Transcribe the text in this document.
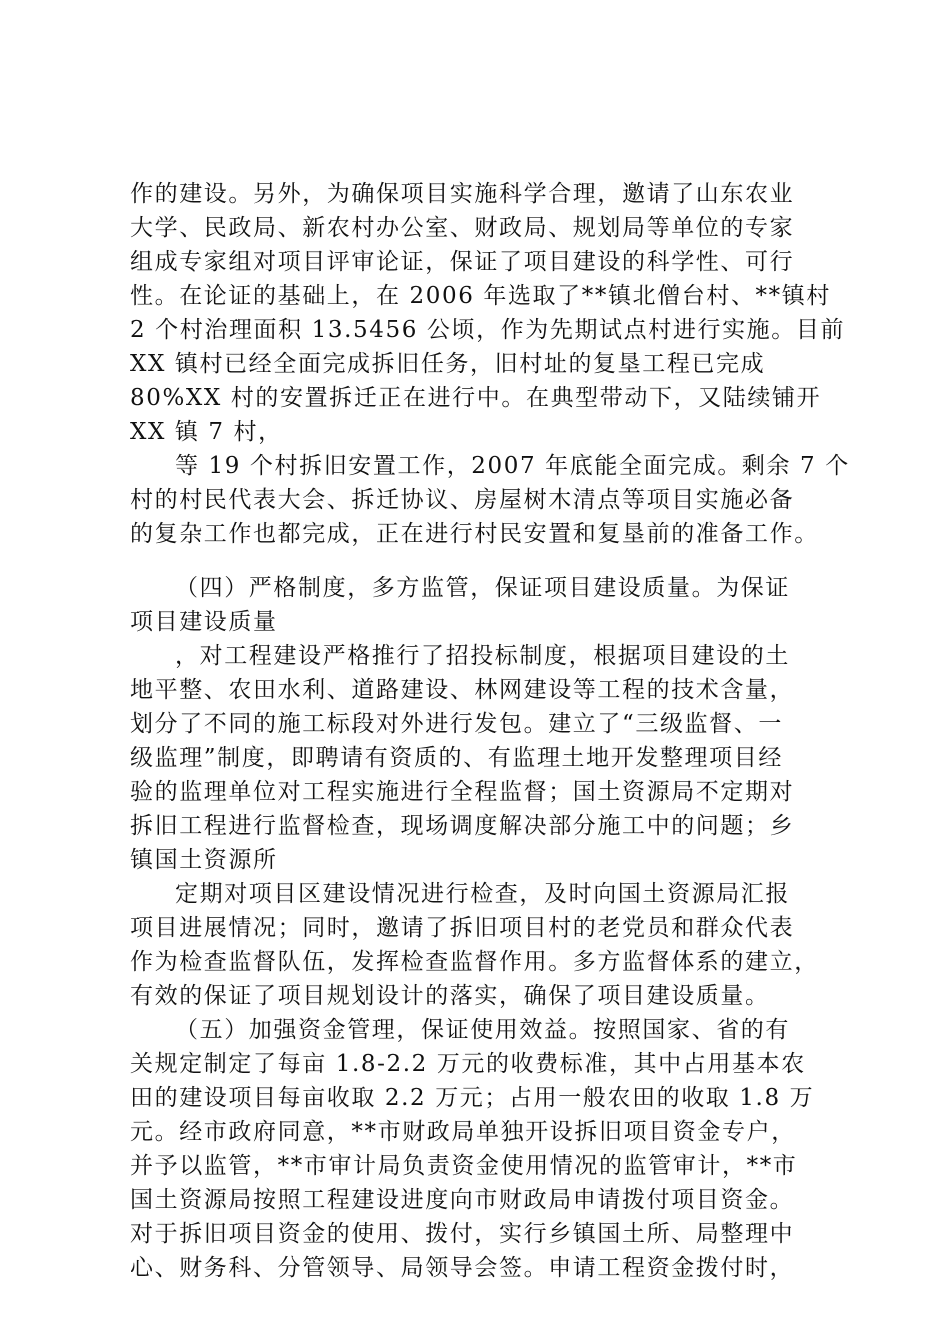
作的建设。另外，为确保项目实施科学合理，邀请了山东农业
大学、民政局、新农村办公室、财政局、规划局等单位的专家
组成专家组对项目评审论证，保证了项目建设的科学性、可行
性。在论证的基础上，在 2006 年选取了**镇北僧台村、**镇村
2 个村治理面积 13.5456 公顷，作为先期试点村进行实施。目前
XX 镇村已经全面完成拆旧任务，旧村址的复垦工程已完成
80%XX 村的安置拆迁正在进行中。在典型带动下，又陆续铺开
XX 镇 7 村，
等 19 个村拆旧安置工作，2007 年底能全面完成。剩余 7 个
村的村民代表大会、拆迁协议、房屋树木清点等项目实施必备
的复杂工作也都完成，正在进行村民安置和复垦前的准备工作。
（四）严格制度，多方监管，保证项目建设质量。为保证
项目建设质量
，对工程建设严格推行了招投标制度，根据项目建设的土
地平整、农田水利、道路建设、林网建设等工程的技术含量，
划分了不同的施工标段对外进行发包。建立了“三级监督、一
级监理”制度，即聘请有资质的、有监理土地开发整理项目经
验的监理单位对工程实施进行全程监督；国土资源局不定期对
拆旧工程进行监督检查，现场调度解决部分施工中的问题；乡
镇国土资源所
定期对项目区建设情况进行检查，及时向国土资源局汇报
项目进展情况；同时，邀请了拆旧项目村的老党员和群众代表
作为检查监督队伍，发挥检查监督作用。多方监督体系的建立，
有效的保证了项目规划设计的落实，确保了项目建设质量。
（五）加强资金管理，保证使用效益。按照国家、省的有
关规定制定了每亩 1.8-2.2 万元的收费标准，其中占用基本农
田的建设项目每亩收取 2.2 万元；占用一般农田的收取 1.8 万
元。经市政府同意，**市财政局单独开设拆旧项目资金专户，
并予以监管，**市审计局负责资金使用情况的监管审计，**市
国土资源局按照工程建设进度向市财政局申请拨付项目资金。
对于拆旧项目资金的使用、拨付，实行乡镇国土所、局整理中
心、财务科、分管领导、局领导会签。申请工程资金拨付时，
